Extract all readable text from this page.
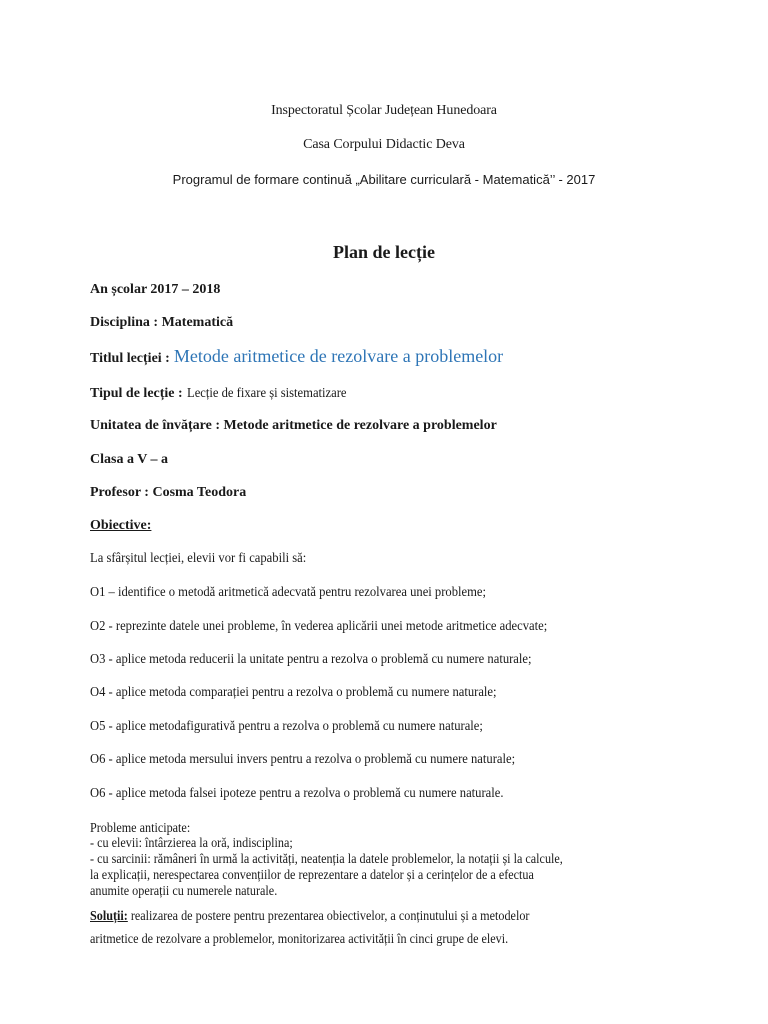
Inspectoratul Școlar Județean Hunedoara
Casa Corpului Didactic Deva
Programul de formare continuă „Abilitare curriculară - Matematică’’ - 2017
Plan de lecție
An școlar 2017 – 2018
Disciplina : Matematică
Titlul lecției : Metode aritmetice de rezolvare a problemelor
Tipul de lecție : Lecție de fixare și sistematizare
Unitatea de învățare : Metode aritmetice de rezolvare a problemelor
Clasa a V – a
Profesor : Cosma Teodora
Obiective:
La sfârșitul lecției, elevii vor fi capabili să:
O1 – identifice o metodă aritmetică adecvată pentru rezolvarea unei probleme;
O2 - reprezinte datele unei probleme, în vederea aplicării unei metode aritmetice adecvate;
O3 - aplice metoda reducerii la unitate pentru a rezolva o problemă cu numere naturale;
O4 - aplice metoda comparației pentru a rezolva o problemă cu numere naturale;
O5 - aplice metodafigurativă pentru a rezolva o problemă cu numere naturale;
O6 - aplice metoda mersului invers pentru a rezolva o problemă cu numere naturale;
O6 - aplice metoda falsei ipoteze pentru a rezolva o problemă cu numere naturale.
Probleme anticipate:
- cu elevii: întârzierea la oră, indisciplina;
- cu sarcinii: rămâneri în urmă la activități, neatenția la datele problemelor, la notații și la calcule,
la explicații, nerespectarea convențiilor de reprezentare a datelor și a cerințelor de a efectua
anumite operații cu numerele naturale.
Soluții: realizarea de postere pentru prezentarea obiectivelor, a conținutului și a metodelor
aritmetice de rezolvare a problemelor, monitorizarea activității în cinci grupe de elevi.
